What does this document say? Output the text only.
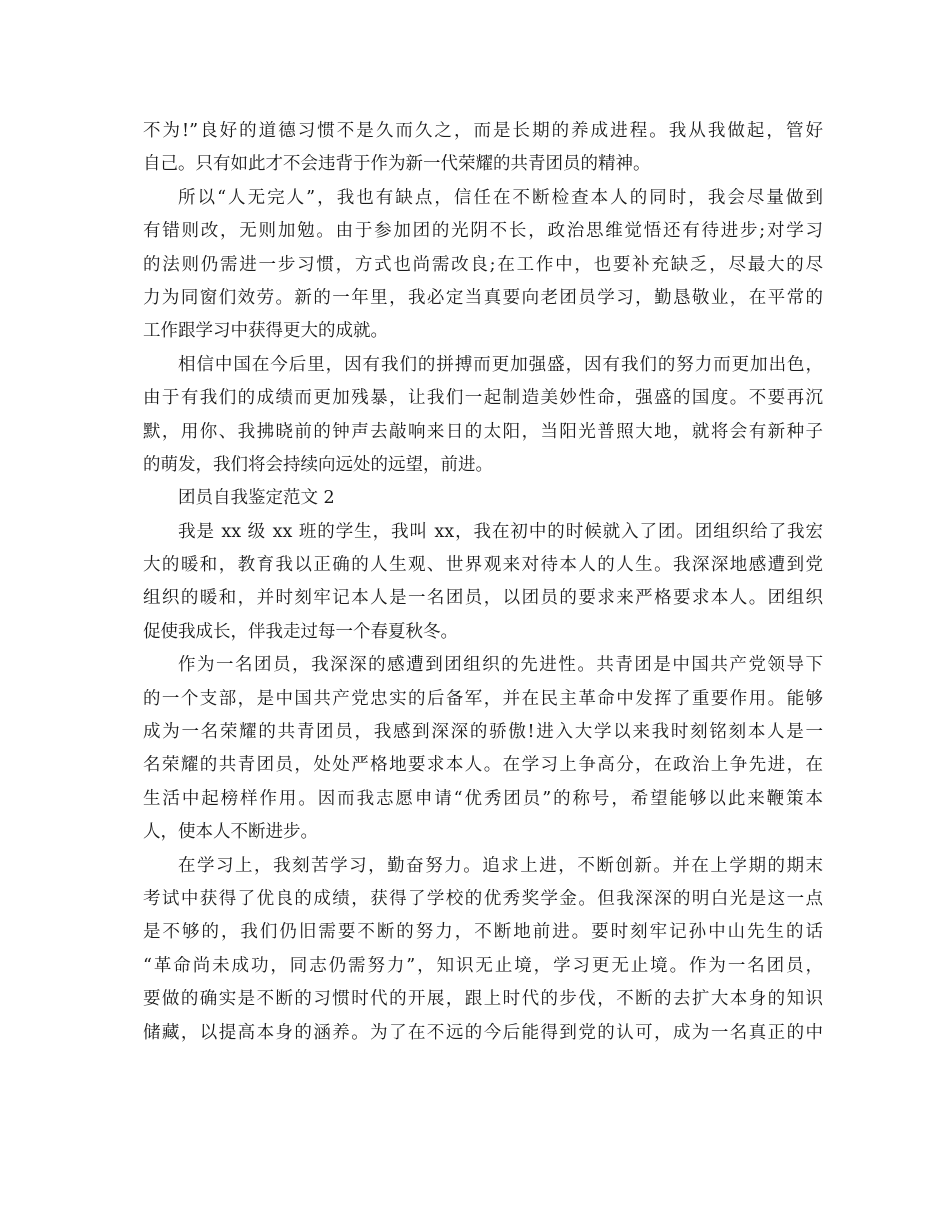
不为!”良好的道德习惯不是久而久之，而是长期的养成进程。我从我做起，管好
自己。只有如此才不会违背于作为新一代荣耀的共青团员的精神。
所以“人无完人”，我也有缺点，信任在不断检查本人的同时，我会尽量做到
有错则改，无则加勉。由于参加团的光阴不长，政治思维觉悟还有待进步;对学习
的法则仍需进一步习惯，方式也尚需改良;在工作中，也要补充缺乏，尽最大的尽
力为同窗们效劳。新的一年里，我必定当真要向老团员学习，勤恳敬业，在平常的
工作跟学习中获得更大的成就。
相信中国在今后里，因有我们的拼搏而更加强盛，因有我们的努力而更加出色，
由于有我们的成绩而更加残暴，让我们一起制造美妙性命，强盛的国度。不要再沉
默，用你、我拂晓前的钟声去敲响来日的太阳，当阳光普照大地，就将会有新种子
的萌发，我们将会持续向远处的远望，前进。
团员自我鉴定范文 2
我是 xx 级 xx 班的学生，我叫 xx，我在初中的时候就入了团。团组织给了我宏
大的暖和，教育我以正确的人生观、世界观来对待本人的人生。我深深地感遭到党
组织的暖和，并时刻牢记本人是一名团员，以团员的要求来严格要求本人。团组织
促使我成长，伴我走过每一个春夏秋冬。
作为一名团员，我深深的感遭到团组织的先进性。共青团是中国共产党领导下
的一个支部，是中国共产党忠实的后备军，并在民主革命中发挥了重要作用。能够
成为一名荣耀的共青团员，我感到深深的骄傲!进入大学以来我时刻铭刻本人是一
名荣耀的共青团员，处处严格地要求本人。在学习上争高分，在政治上争先进，在
生活中起榜样作用。因而我志愿申请“优秀团员”的称号，希望能够以此来鞭策本
人，使本人不断进步。
在学习上，我刻苦学习，勤奋努力。追求上进，不断创新。并在上学期的期末
考试中获得了优良的成绩，获得了学校的优秀奖学金。但我深深的明白光是这一点
是不够的，我们仍旧需要不断的努力，不断地前进。要时刻牢记孙中山先生的话
“革命尚未成功，同志仍需努力”，知识无止境，学习更无止境。作为一名团员，
要做的确实是不断的习惯时代的开展，跟上时代的步伐，不断的去扩大本身的知识
储藏，以提高本身的涵养。为了在不远的今后能得到党的认可，成为一名真正的中
